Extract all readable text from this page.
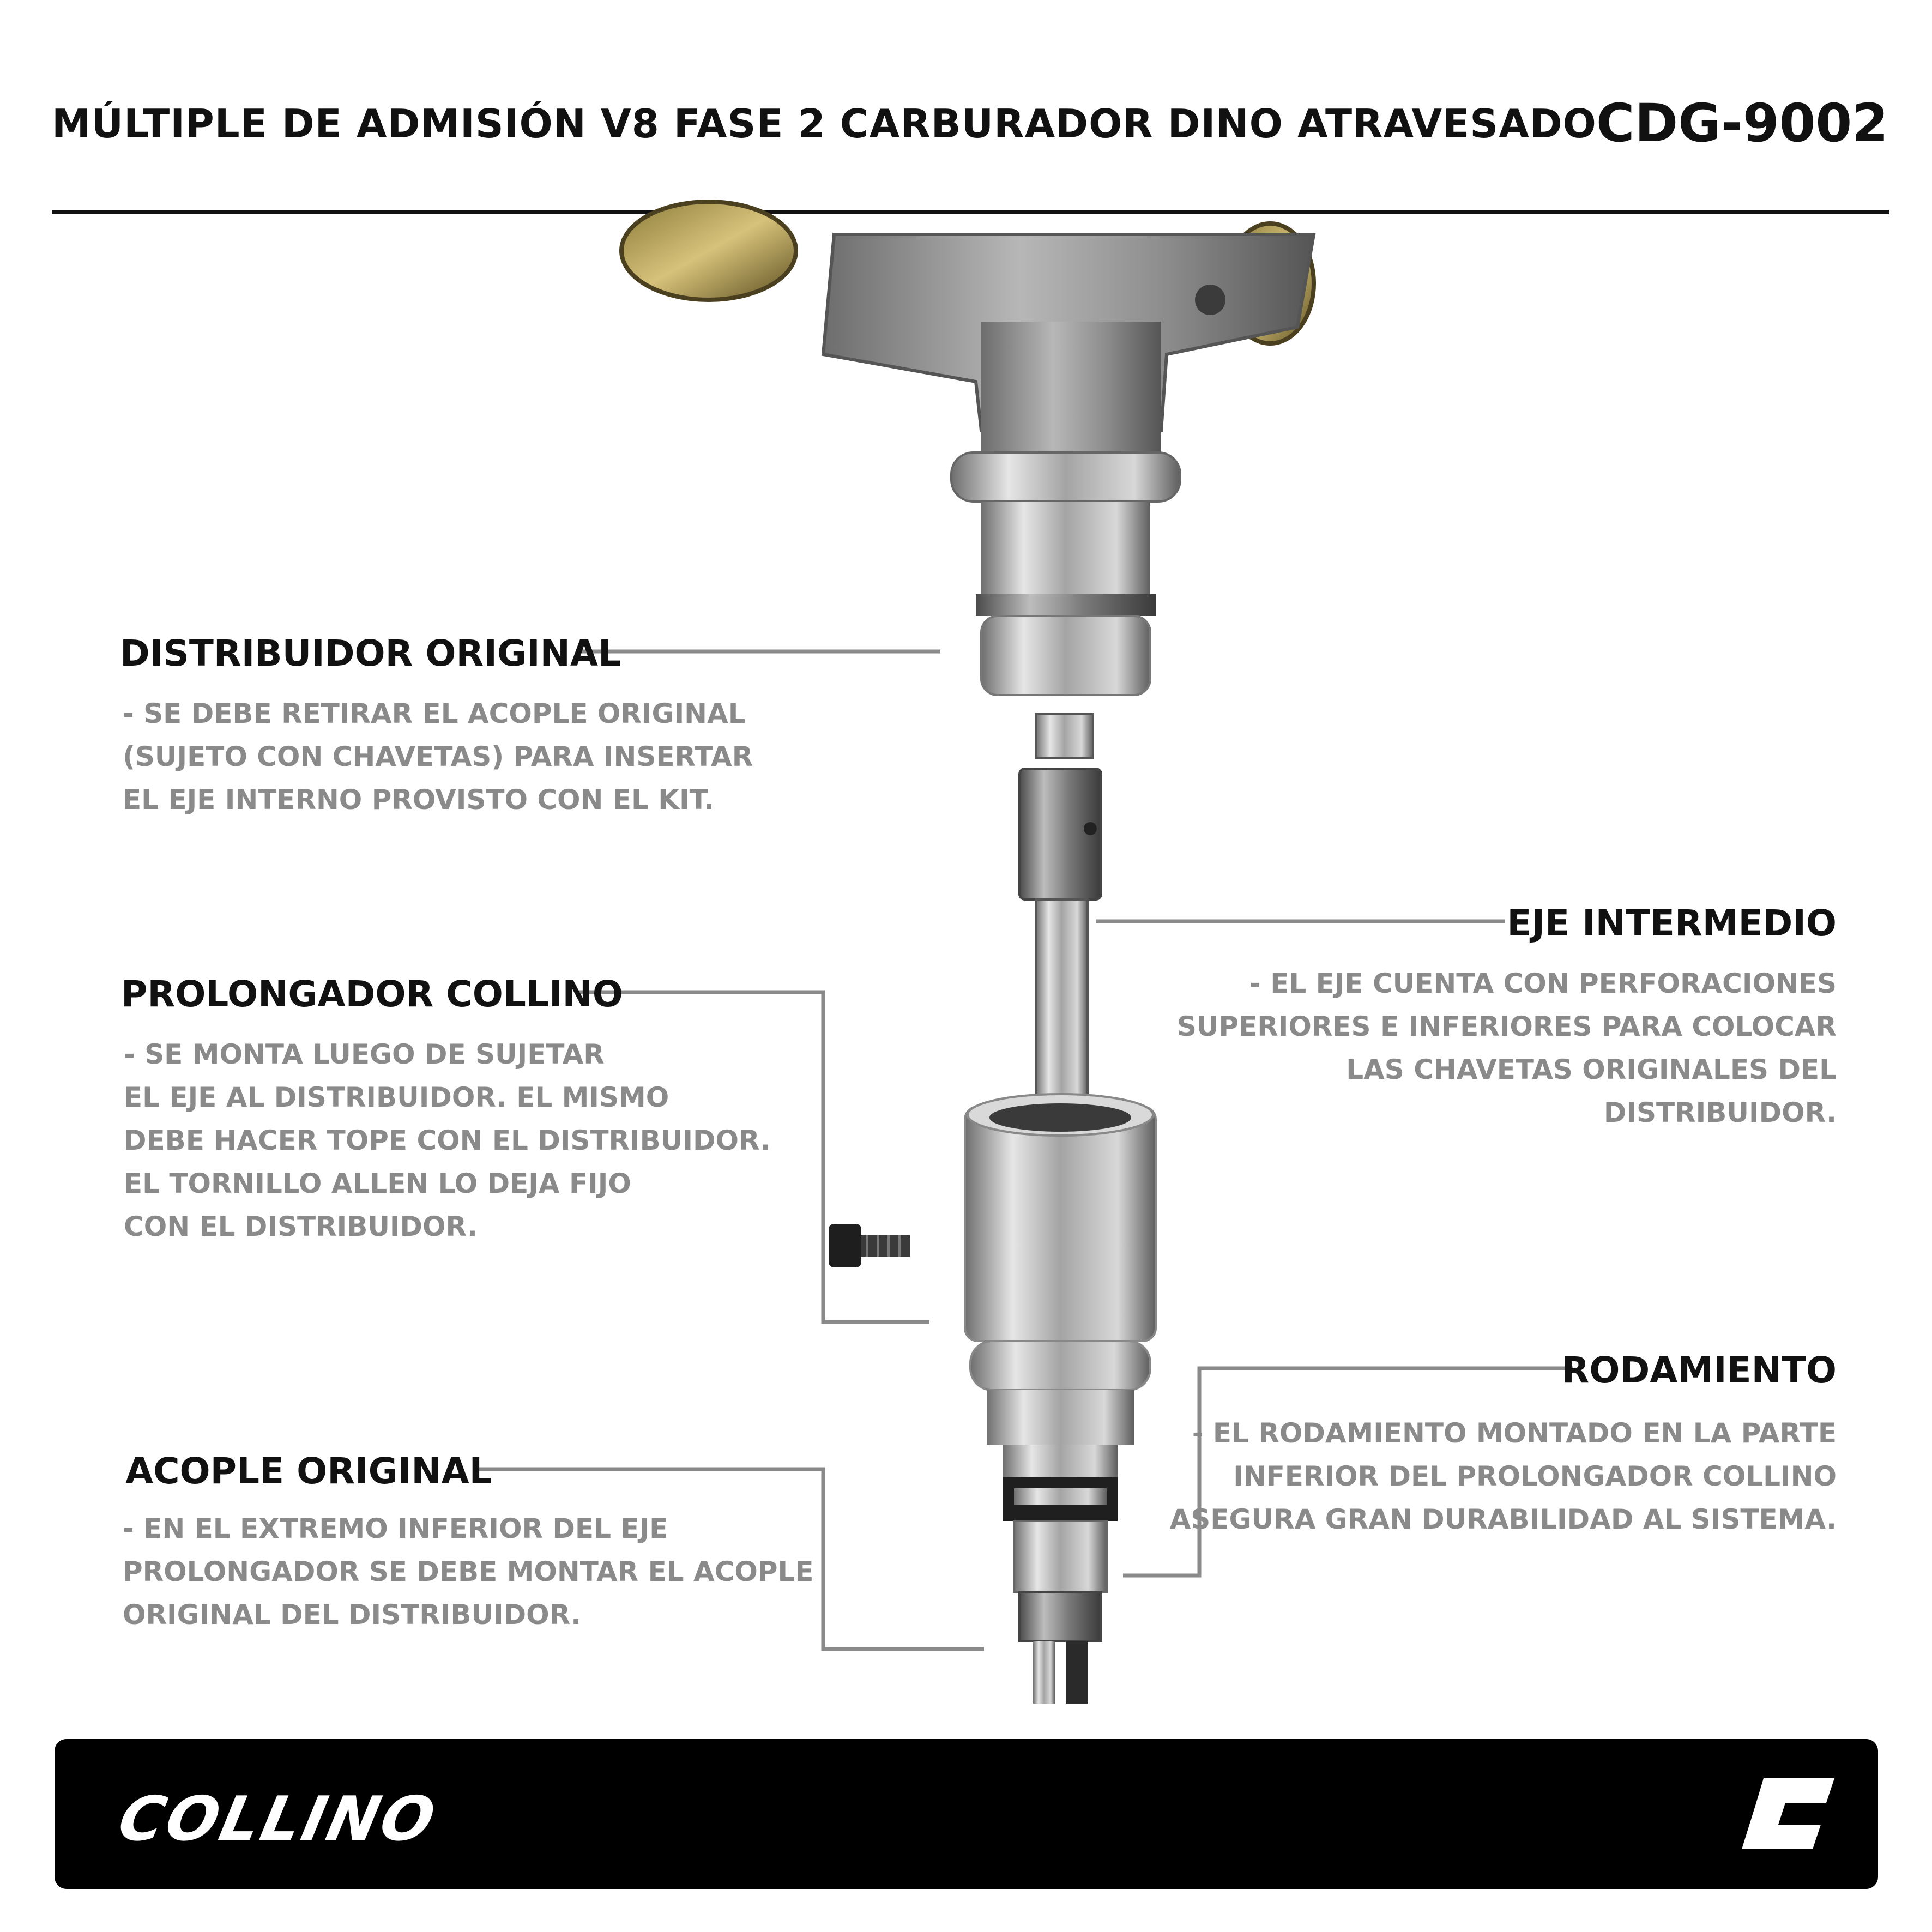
MÚLTIPLE DE ADMISIÓN V8 FASE 2 CARBURADOR DINO ATRAVESADO CDG-9002
DISTRIBUIDOR ORIGINAL
- SE DEBE RETIRAR EL ACOPLE ORIGINAL
(SUJETO CON CHAVETAS) PARA INSERTAR
EL EJE INTERNO PROVISTO CON EL KIT.
PROLONGADOR COLLINO
- SE MONTA LUEGO DE SUJETAR
EL EJE AL DISTRIBUIDOR. EL MISMO
DEBE HACER TOPE CON EL DISTRIBUIDOR.
EL TORNILLO ALLEN LO DEJA FIJO
CON EL DISTRIBUIDOR.
ACOPLE ORIGINAL
- EN EL EXTREMO INFERIOR DEL EJE
PROLONGADOR SE DEBE MONTAR EL ACOPLE
ORIGINAL DEL DISTRIBUIDOR.
EJE INTERMEDIO
- EL EJE CUENTA CON PERFORACIONES
SUPERIORES E INFERIORES PARA COLOCAR
LAS CHAVETAS ORIGINALES DEL
DISTRIBUIDOR.
RODAMIENTO
- EL RODAMIENTO MONTADO EN LA PARTE
INFERIOR DEL PROLONGADOR COLLINO
ASEGURA GRAN DURABILIDAD AL SISTEMA.
COLLINO
